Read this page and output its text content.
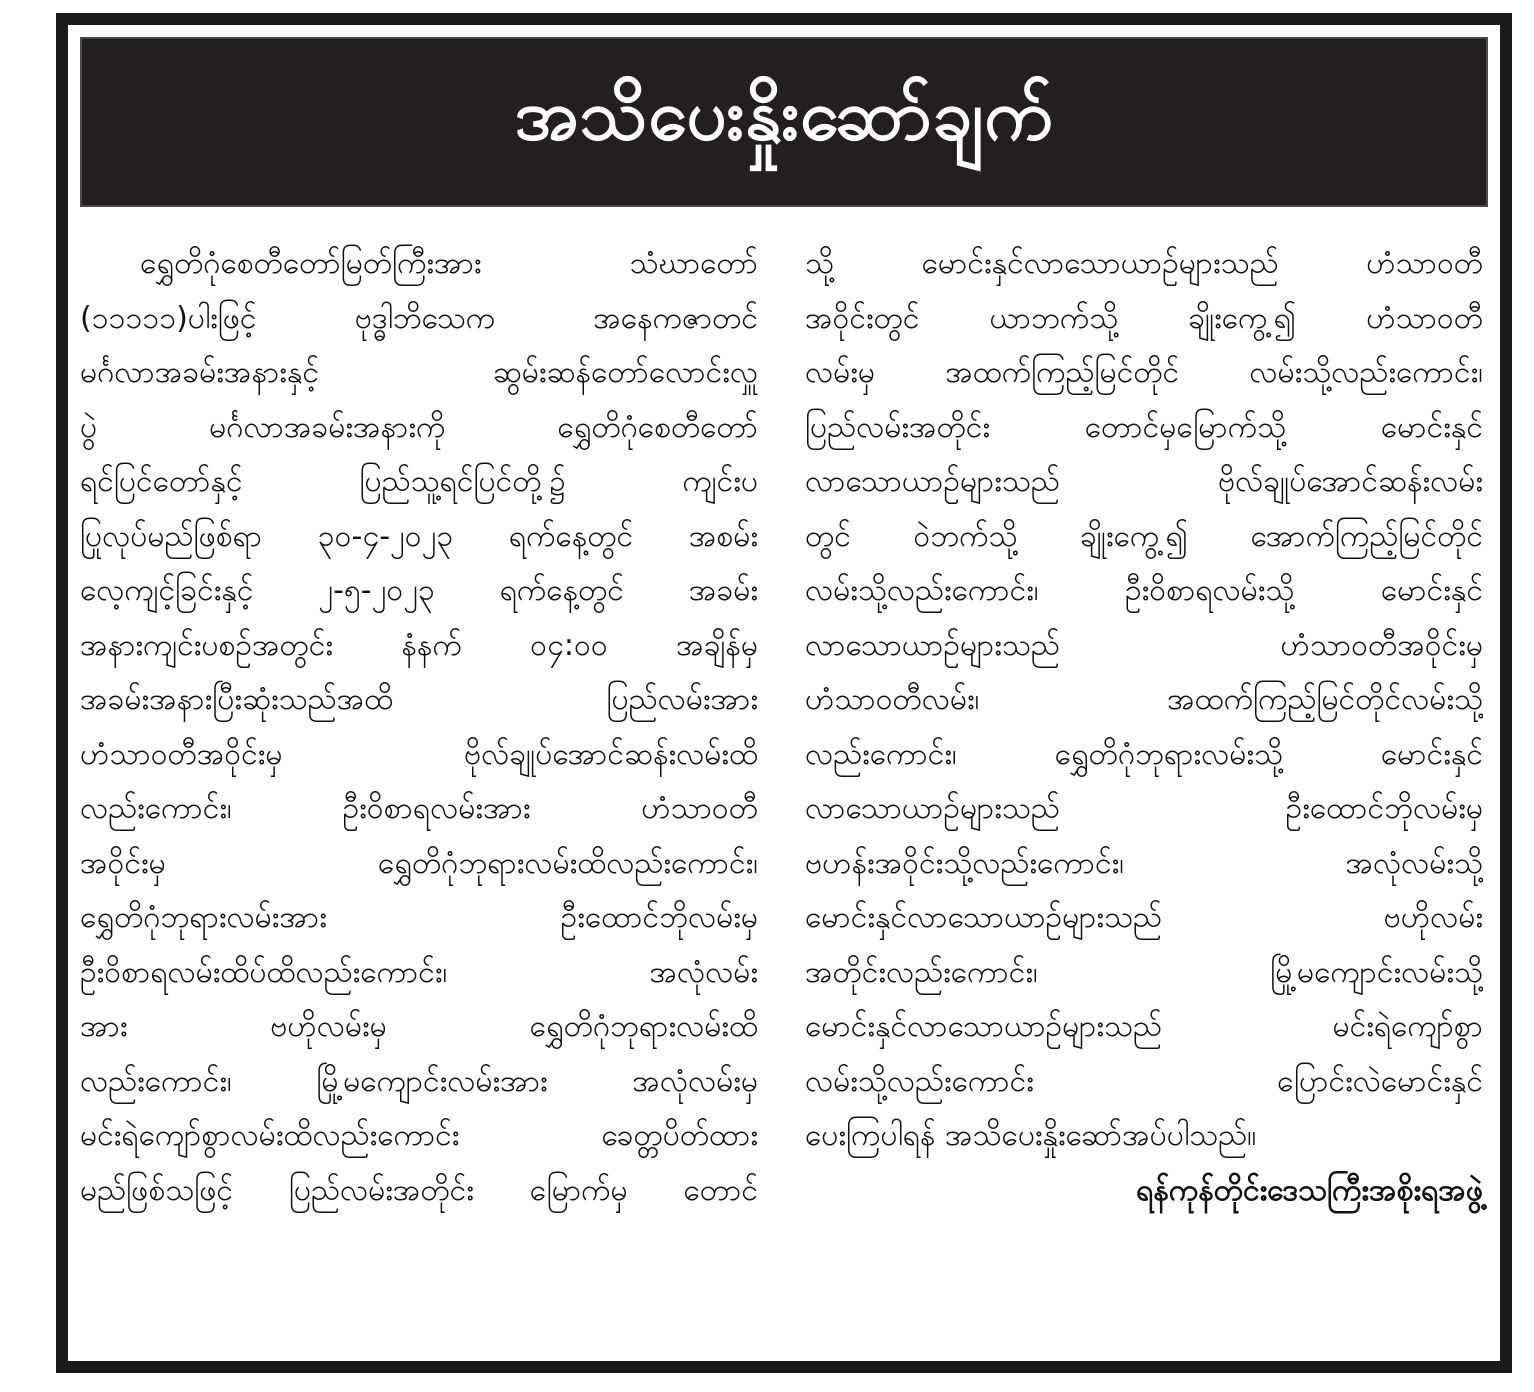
အသိပေးနှိုးဆော်ချက်
ရွှေတိဂုံစေတီတော်မြတ်ကြီးအား သံဃာတော်
(၁၁၁၁၁)ပါးဖြင့် ဗုဒ္ဓါဘိသေက အနေကဇာတင်
မင်္ဂလာအခမ်းအနားနှင့် ဆွမ်းဆန်တော်လောင်းလှူ
ပွဲ မင်္ဂလာအခမ်းအနားကို ရွှေတိဂုံစေတီတော်
ရင်ပြင်တော်နှင့် ပြည်သူ့ရင်ပြင်တို့၌ ကျင်းပ
ပြုလုပ်မည်ဖြစ်ရာ ၃၀-၄-၂၀၂၃ ရက်နေ့တွင် အစမ်း
လေ့ကျင့်ခြင်းနှင့် ၂-၅-၂၀၂၃ ရက်နေ့တွင် အခမ်း
အနားကျင်းပစဉ်အတွင်း နံနက် ၀၄:၀၀ အချိန်မှ
အခမ်းအနားပြီးဆုံးသည်အထိ ပြည်လမ်းအား
ဟံသာဝတီအဝိုင်းမှ ဗိုလ်ချုပ်အောင်ဆန်းလမ်းထိ
လည်းကောင်း၊ ဦးဝိစာရလမ်းအား ဟံသာဝတီ
အဝိုင်းမှ ရွှေတိဂုံဘုရားလမ်းထိလည်းကောင်း၊
ရွှေတိဂုံဘုရားလမ်းအား ဦးထောင်ဘိုလမ်းမှ
ဦးဝိစာရလမ်းထိပ်ထိလည်းကောင်း၊ အလုံလမ်း
အား ဗဟိုလမ်းမှ ရွှေတိဂုံဘုရားလမ်းထိ
လည်းကောင်း၊ မြို့မကျောင်းလမ်းအား အလုံလမ်းမှ
မင်းရဲကျော်စွာလမ်းထိလည်းကောင်း ခေတ္တပိတ်ထား
မည်ဖြစ်သဖြင့် ပြည်လမ်းအတိုင်း မြောက်မှ တောင်
သို့ မောင်းနှင်လာသောယာဉ်များသည် ဟံသာဝတီ
အဝိုင်းတွင် ယာဘက်သို့ ချိုးကွေ့၍ ဟံသာဝတီ
လမ်းမှ အထက်ကြည့်မြင်တိုင် လမ်းသို့လည်းကောင်း၊
ပြည်လမ်းအတိုင်း တောင်မှမြောက်သို့ မောင်းနှင်
လာသောယာဉ်များသည် ဗိုလ်ချုပ်အောင်ဆန်းလမ်း
တွင် ဝဲဘက်သို့ ချိုးကွေ့၍ အောက်ကြည့်မြင်တိုင်
လမ်းသို့လည်းကောင်း၊ ဦးဝိစာရလမ်းသို့ မောင်းနှင်
လာသောယာဉ်များသည် ဟံသာဝတီအဝိုင်းမှ
ဟံသာဝတီလမ်း၊ အထက်ကြည့်မြင်တိုင်လမ်းသို့
လည်းကောင်း၊ ရွှေတိဂုံဘုရားလမ်းသို့ မောင်းနှင်
လာသောယာဉ်များသည် ဦးထောင်ဘိုလမ်းမှ
ဗဟန်းအဝိုင်းသို့လည်းကောင်း၊ အလုံလမ်းသို့
မောင်းနှင်လာသောယာဉ်များသည် ဗဟိုလမ်း
အတိုင်းလည်းကောင်း၊ မြို့မကျောင်းလမ်းသို့
မောင်းနှင်လာသောယာဉ်များသည် မင်းရဲကျော်စွာ
လမ်းသို့လည်းကောင်း ပြောင်းလဲမောင်းနှင်
ပေးကြပါရန် အသိပေးနှိုးဆော်အပ်ပါသည်။
ရန်ကုန်တိုင်းဒေသကြီးအစိုးရအဖွဲ့
